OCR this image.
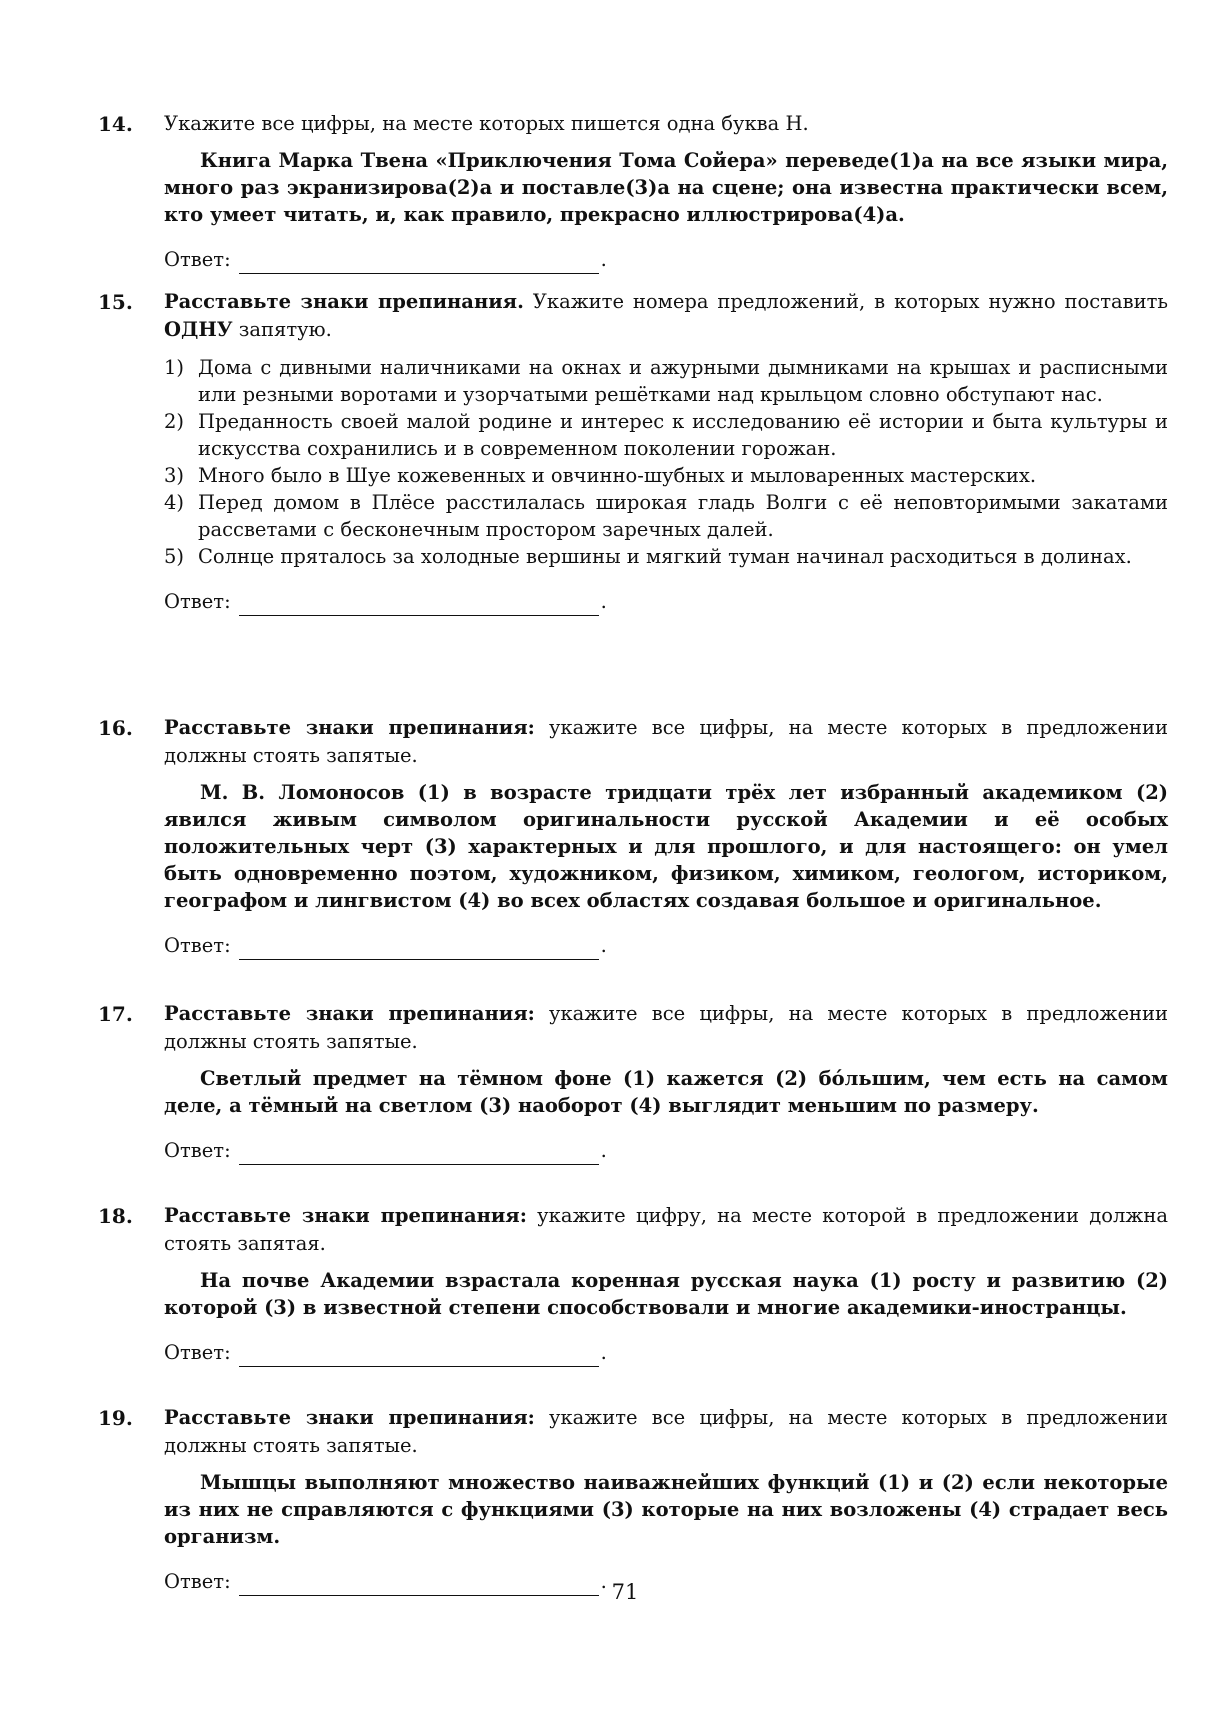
14. Укажите все цифры, на месте которых пишется одна буква Н.

Книга Марка Твена «Приключения Тома Сойера» переведе(1)а на все языки мира, много раз экранизирова(2)а и поставле(3)а на сцене; она известна практически всем, кто умеет читать, и, как правило, прекрасно иллюстрирова(4)а.

Ответ:	.
15. Расставьте знаки препинания. Укажите номера предложений, в которых нужно поставить ОДНУ запятую.

1) Дома с дивными наличниками на окнах и ажурными дымниками на крышах и расписными или резными воротами и узорчатыми решётками над крыльцом словно обступают нас.
2) Преданность своей малой родине и интерес к исследованию её истории и быта культуры и искусства сохранились и в современном поколении горожан.
3) Много было в Шуе кожевенных и овчинно-шубных и мыловаренных мастерских.
4) Перед домом в Плёсе расстилалась широкая гладь Волги с её неповторимыми закатами рассветами с бесконечным простором заречных далей.
5) Солнце пряталось за холодные вершины и мягкий туман начинал расходиться в долинах.
Ответ:	.
16. Расставьте знаки препинания: укажите все цифры, на месте которых в предложении должны стоять запятые.

М. В. Ломоносов (1) в возрасте тридцати трёх лет избранный академиком (2) явился живым символом оригинальности русской Академии и её особых положительных черт (3) характерных и для прошлого, и для настоящего: он умел быть одновременно поэтом, художником, физиком, химиком, геологом, историком, географом и лингвистом (4) во всех областях создавая большое и оригинальное.

Ответ:	.
17. Расставьте знаки препинания: укажите все цифры, на месте которых в предложении должны стоять запятые.

Светлый предмет на тёмном фоне (1) кажется (2) бóльшим, чем есть на самом деле, а тёмный на светлом (3) наоборот (4) выглядит меньшим по размеру.

Ответ:	.
18. Расставьте знаки препинания: укажите цифру, на месте которой в предложении должна стоять запятая.

На почве Академии взрастала коренная русская наука (1) росту и развитию (2) которой (3) в известной степени способствовали и многие академики-иностранцы.

Ответ:	.
19. Расставьте знаки препинания: укажите все цифры, на месте которых в предложении должны стоять запятые.

Мышцы выполняют множество наиважнейших функций (1) и (2) если некоторые из них не справляются с функциями (3) которые на них возложены (4) страдает весь организм.

Ответ:	. 71
